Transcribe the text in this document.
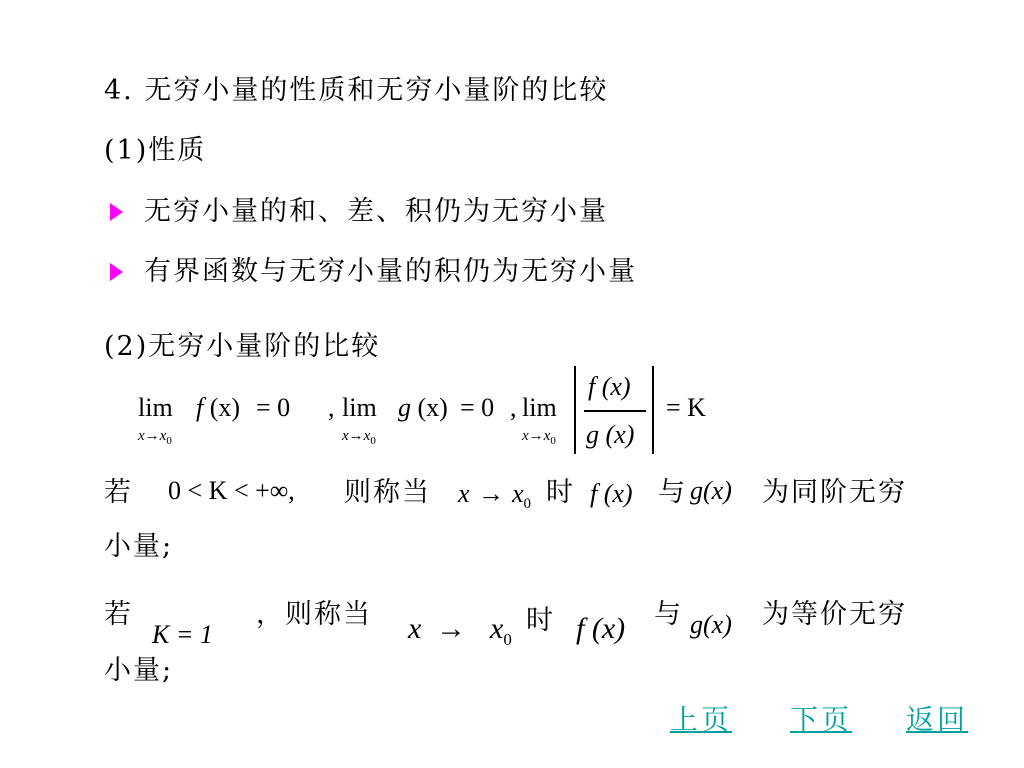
4. 无穷小量的性质和无穷小量阶的比较
(1)性质
无穷小量的和、差、积仍为无穷小量
有界函数与无穷小量的积仍为无穷小量
(2)无穷小量阶的比较
lim
$x\to x_0$
f (x) = 0 , lim
$x\to x_0$
g (x) = 0 , lim
$x\to x_0$
f (x)
g (x)
= K
若 0 < K < +∞, 则称当 $x \to x_0$ 时 f (x) 与 g(x) 为同阶无穷
小量;
若
K = 1
，则称当 $x \to x_0$
时 f (x) 与 g(x) 为等价无穷
小量;
上页 下页 返回
